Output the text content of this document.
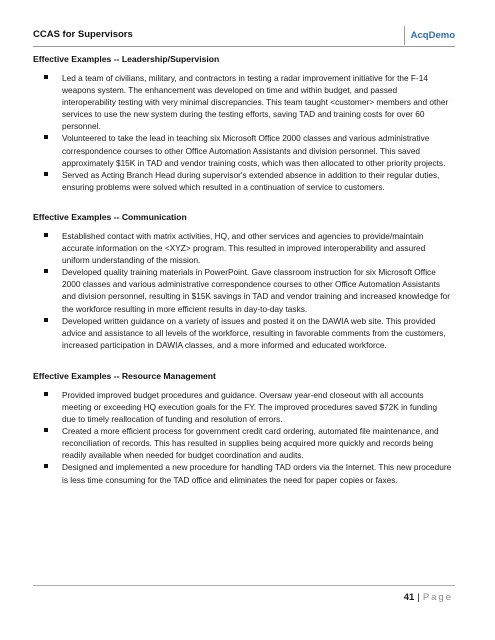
CCAS for Supervisors	AcqDemo
Effective Examples -- Leadership/Supervision
Led a team of civilians, military, and contractors in testing a radar improvement initiative for the F-14 weapons system. The enhancement was developed on time and within budget, and passed interoperability testing with very minimal discrepancies. This team taught <customer> members and other services to use the new system during the testing efforts, saving TAD and training costs for over 60 personnel.
Volunteered to take the lead in teaching six Microsoft Office 2000 classes and various administrative correspondence courses to other Office Automation Assistants and division personnel. This saved approximately $15K in TAD and vendor training costs, which was then allocated to other priority projects.
Served as Acting Branch Head during supervisor's extended absence in addition to their regular duties, ensuring problems were solved which resulted in a continuation of service to customers.
Effective Examples -- Communication
Established contact with matrix activities, HQ, and other services and agencies to provide/maintain accurate information on the <XYZ> program. This resulted in improved interoperability and assured uniform understanding of the mission.
Developed quality training materials in PowerPoint. Gave classroom instruction for six Microsoft Office 2000 classes and various administrative correspondence courses to other Office Automation Assistants and division personnel, resulting in $15K savings in TAD and vendor training and increased knowledge for the workforce resulting in more efficient results in day-to-day tasks.
Developed written guidance on a variety of issues and posted it on the DAWIA web site. This provided advice and assistance to all levels of the workforce, resulting in favorable comments from the customers, increased participation in DAWIA classes, and a more informed and educated workforce.
Effective Examples -- Resource Management
Provided improved budget procedures and guidance. Oversaw year-end closeout with all accounts meeting or exceeding HQ execution goals for the FY. The improved procedures saved $72K in funding due to timely reallocation of funding and resolution of errors.
Created a more efficient process for government credit card ordering, automated file maintenance, and reconciliation of records. This has resulted in supplies being acquired more quickly and records being readily available when needed for budget coordination and audits.
Designed and implemented a new procedure for handling TAD orders via the Internet. This new procedure is less time consuming for the TAD office and eliminates the need for paper copies or faxes.
41 | Page
